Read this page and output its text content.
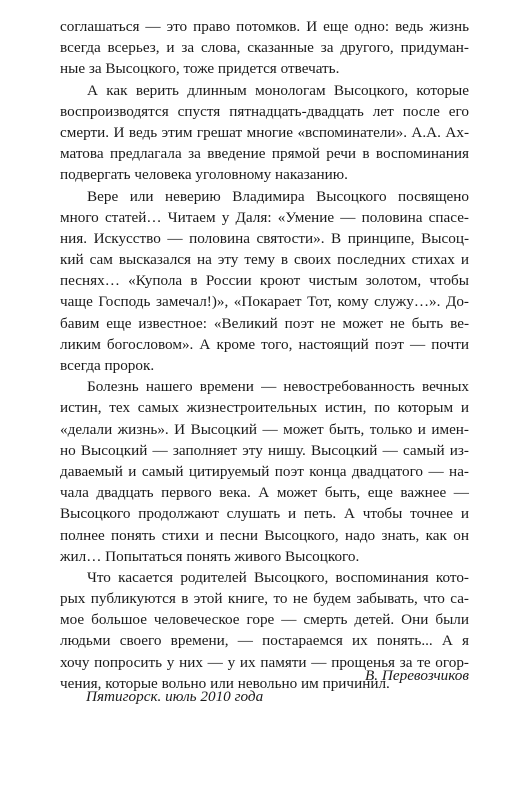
соглашаться — это право потомков. И еще одно: ведь жизнь
всегда всерьез, и за слова, сказанные за другого, придуман-
ные за Высоцкого, тоже придется отвечать.
А как верить длинным монологам Высоцкого, которые
воспроизводятся спустя пятнадцать-двадцать лет после его
смерти. И ведь этим грешат многие «вспоминатели». А.А. Ах-
матова предлагала за введение прямой речи в воспоминания
подвергать человека уголовному наказанию.
Вере или неверию Владимира Высоцкого посвящено
много статей… Читаем у Даля: «Умение — половина спасе-
ния. Искусство — половина святости». В принципе, Высоц-
кий сам высказался на эту тему в своих последних стихах и
песнях… «Купола в России кроют чистым золотом, чтобы
чаще Господь замечал!)», «Покарает Тот, кому служу…». До-
бавим еще известное: «Великий поэт не может не быть ве-
ликим богословом». А кроме того, настоящий поэт — почти
всегда пророк.
Болезнь нашего времени — невостребованность вечных
истин, тех самых жизнестроительных истин, по которым и
«делали жизнь». И Высоцкий — может быть, только и имен-
но Высоцкий — заполняет эту нишу. Высоцкий — самый из-
даваемый и самый цитируемый поэт конца двадцатого — на-
чала двадцать первого века. А может быть, еще важнее —
Высоцкого продолжают слушать и петь. А чтобы точнее и
полнее понять стихи и песни Высоцкого, надо знать, как он
жил… Попытаться понять живого Высоцкого.
Что касается родителей Высоцкого, воспоминания кото-
рых публикуются в этой книге, то не будем забывать, что са-
мое большое человеческое горе — смерть детей. Они были
людьми своего времени, — постараемся их понять... А я
хочу попросить у них — у их памяти — прощенья за те огор-
чения, которые вольно или невольно им причинил.
В. Перевозчиков
Пятигорск. июль 2010 года
